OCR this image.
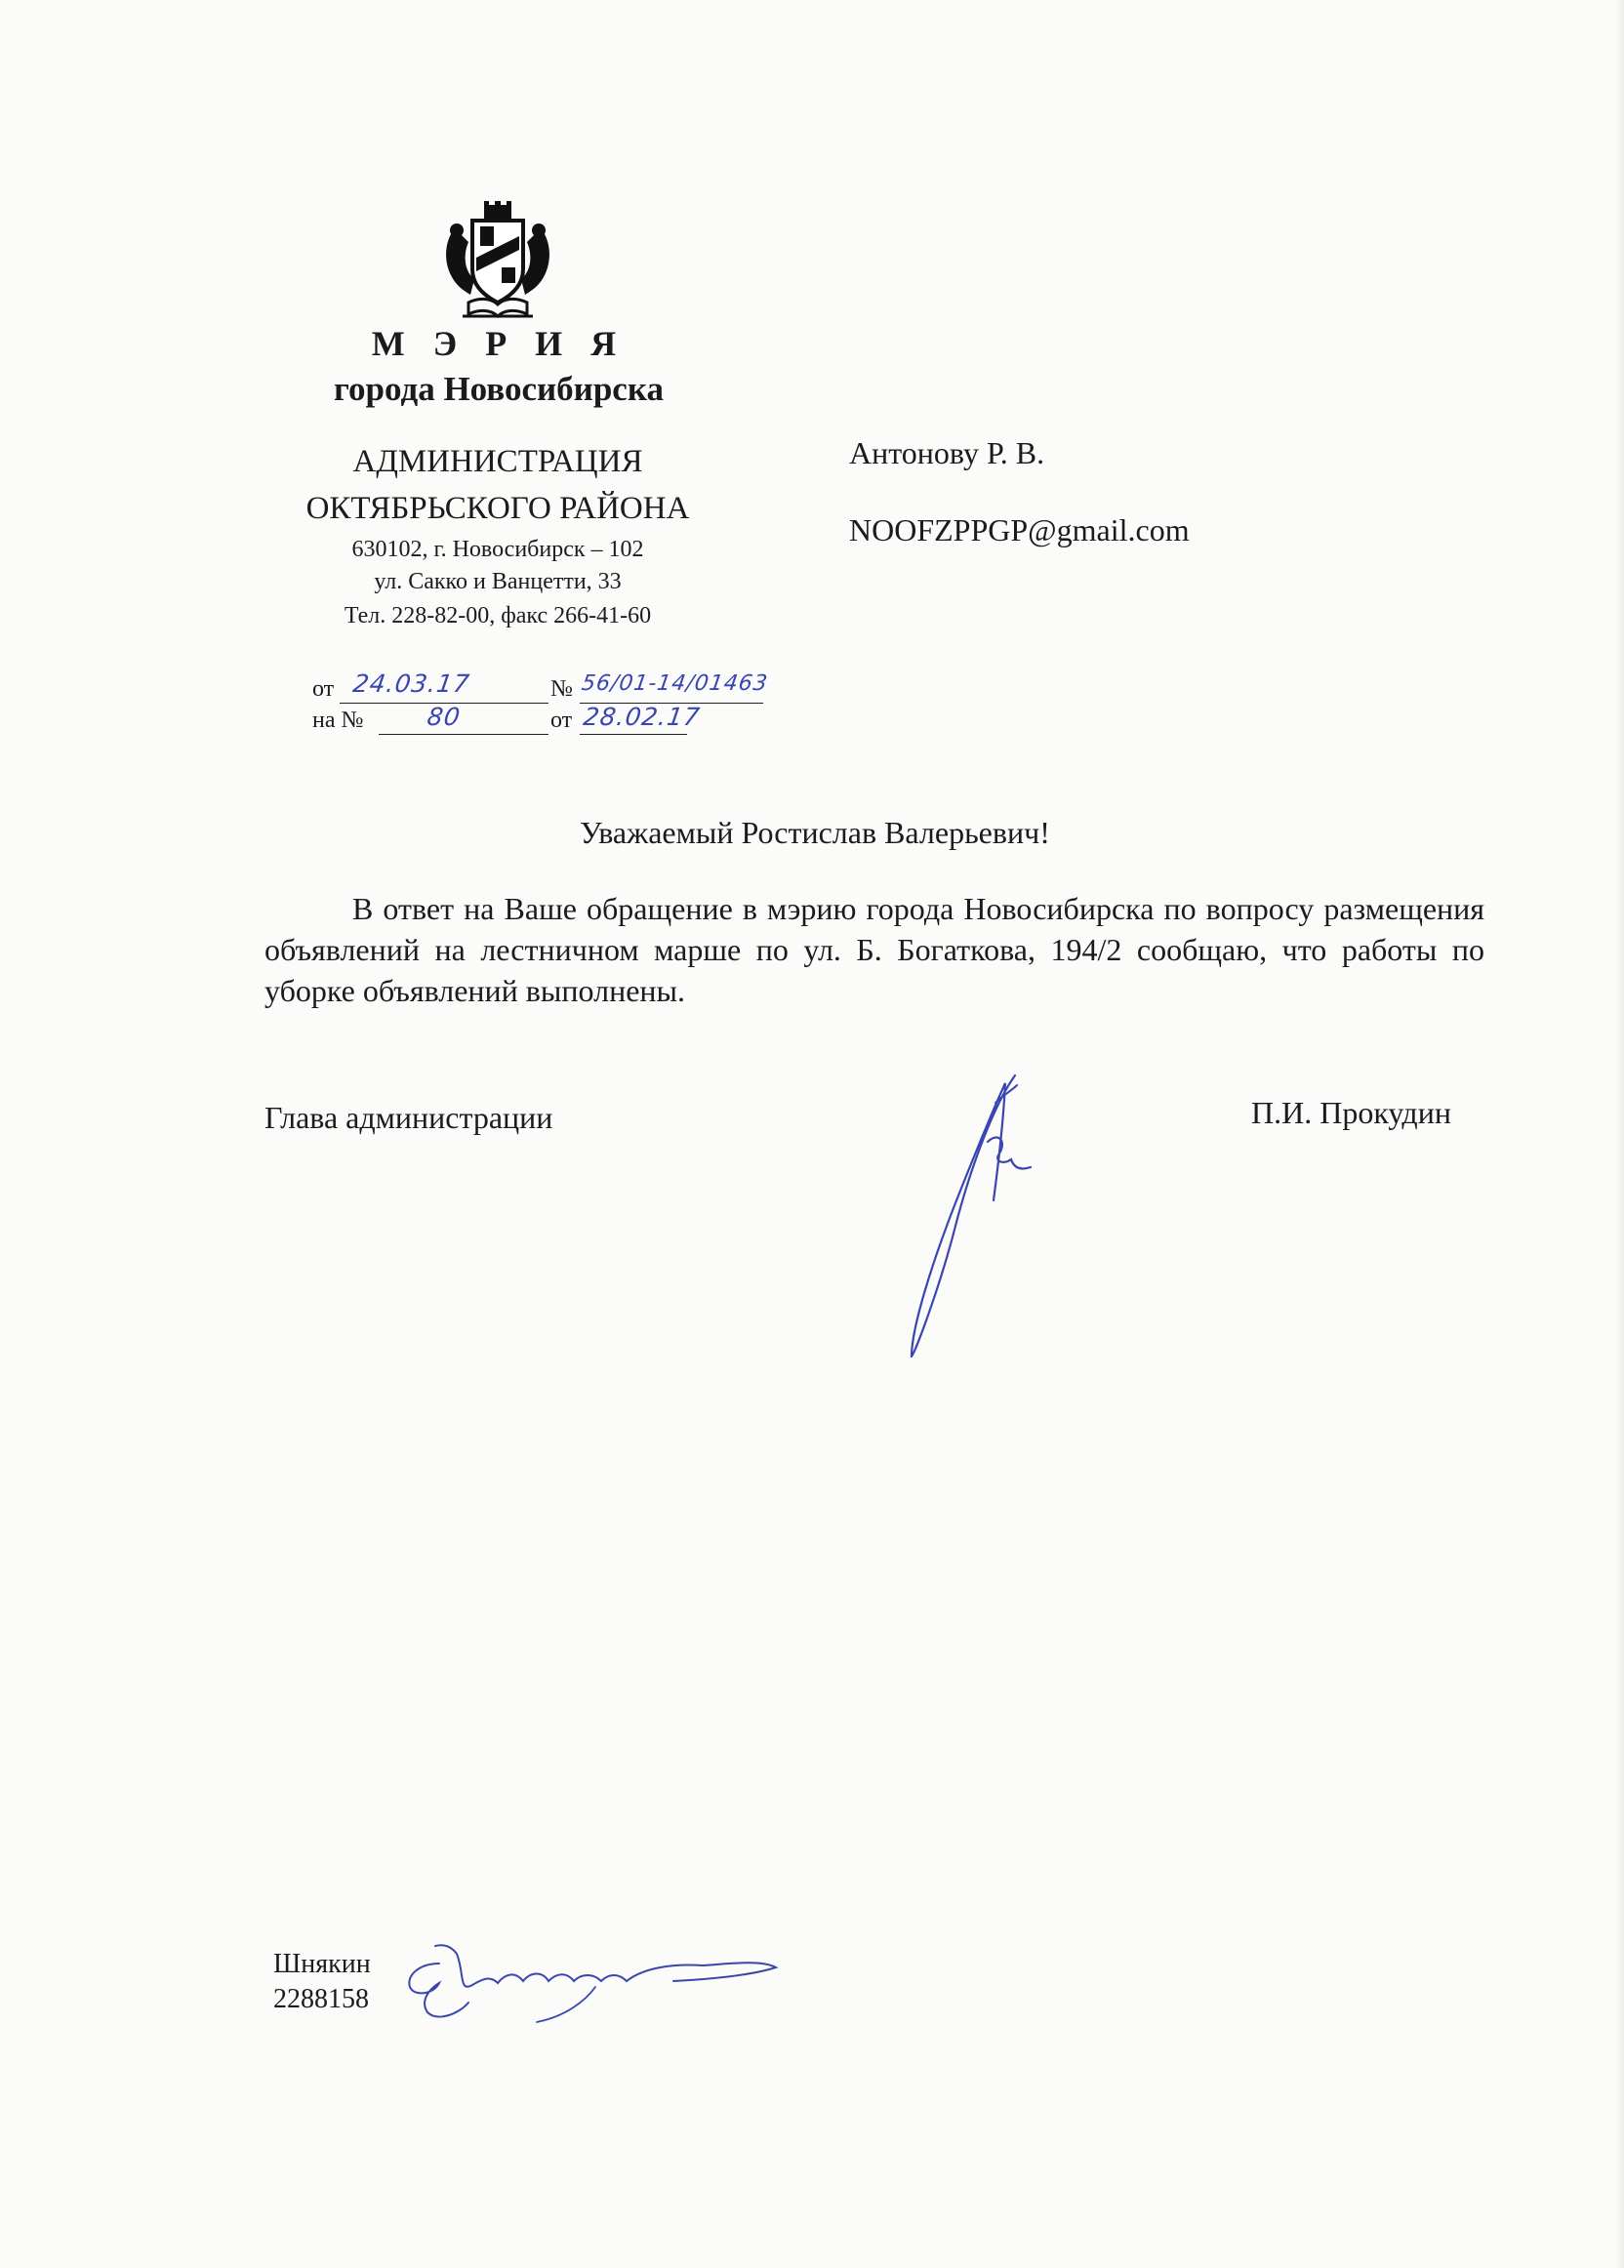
М Э Р И Я
города Новосибирска
АДМИНИСТРАЦИЯ
ОКТЯБРЬСКОГО РАЙОНА
630102, г. Новосибирск – 102
ул. Сакко и Ванцетти, 33
Тел. 228-82-00, факс 266-41-60
от 24.03.17	№ 56/01-14/01463
на №	80	от 28.02.17
Антонову Р. В.
NOOFZPPGP@gmail.com
Уважаемый Ростислав Валерьевич!
В ответ на Ваше обращение в мэрию города Новосибирска по вопросу размещения объявлений на лестничном марше по ул. Б. Богаткова, 194/2 сообщаю, что работы по уборке объявлений выполнены.
Глава администрации	П.И. Прокудин
Шнякин
2288158
